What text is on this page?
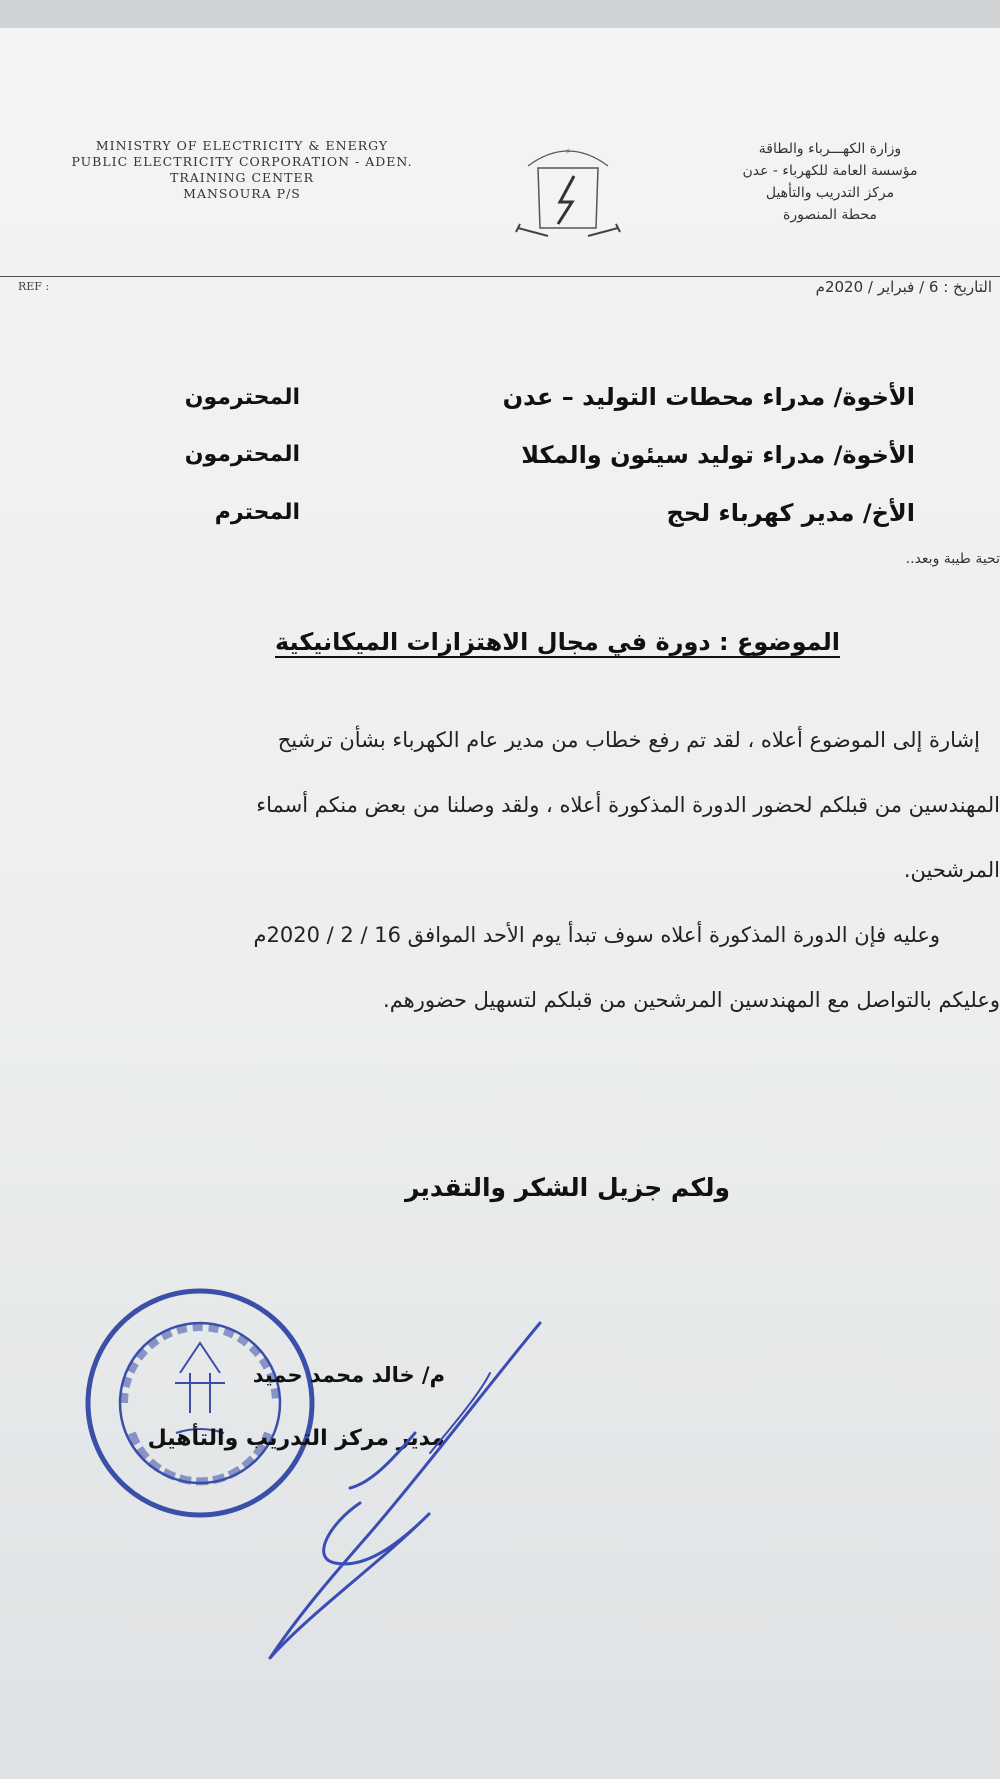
MINISTRY OF ELECTRICITY & ENERGY
PUBLIC ELECTRICITY CORPORATION - ADEN.
TRAINING CENTER
MANSOURA P/S
⚡	وزارة الكهـــرباء والطاقة
مؤسسة العامة للكهرباء - عدن
مركز التدريب والتأهيل
محطة المنصورة
REF :	التاريخ : 6 / فبراير / 2020م
الأخوة/ مدراء محطات التوليد – عدن
المحترمون
الأخوة/ مدراء توليد سيئون والمكلا
المحترمون
الأخ/ مدير كهرباء لحج
المحترم
تحية طيبة وبعد..
الموضوع : دورة في مجال الاهتزازات الميكانيكية
إشارة إلى الموضوع أعلاه ، لقد تم رفع خطاب من مدير عام الكهرباء بشأن ترشيح
المهندسين من قبلكم لحضور الدورة المذكورة أعلاه ، ولقد وصلنا من بعض منكم أسماء
المرشحين.
وعليه فإن الدورة المذكورة أعلاه سوف تبدأ يوم الأحد الموافق 16 / 2 / 2020م
وعليكم بالتواصل مع المهندسين المرشحين من قبلكم لتسهيل حضورهم.
ولكم جزيل الشكر والتقدير
م/ خالد محمد حميد
مدير مركز التدريب والتأهيل
